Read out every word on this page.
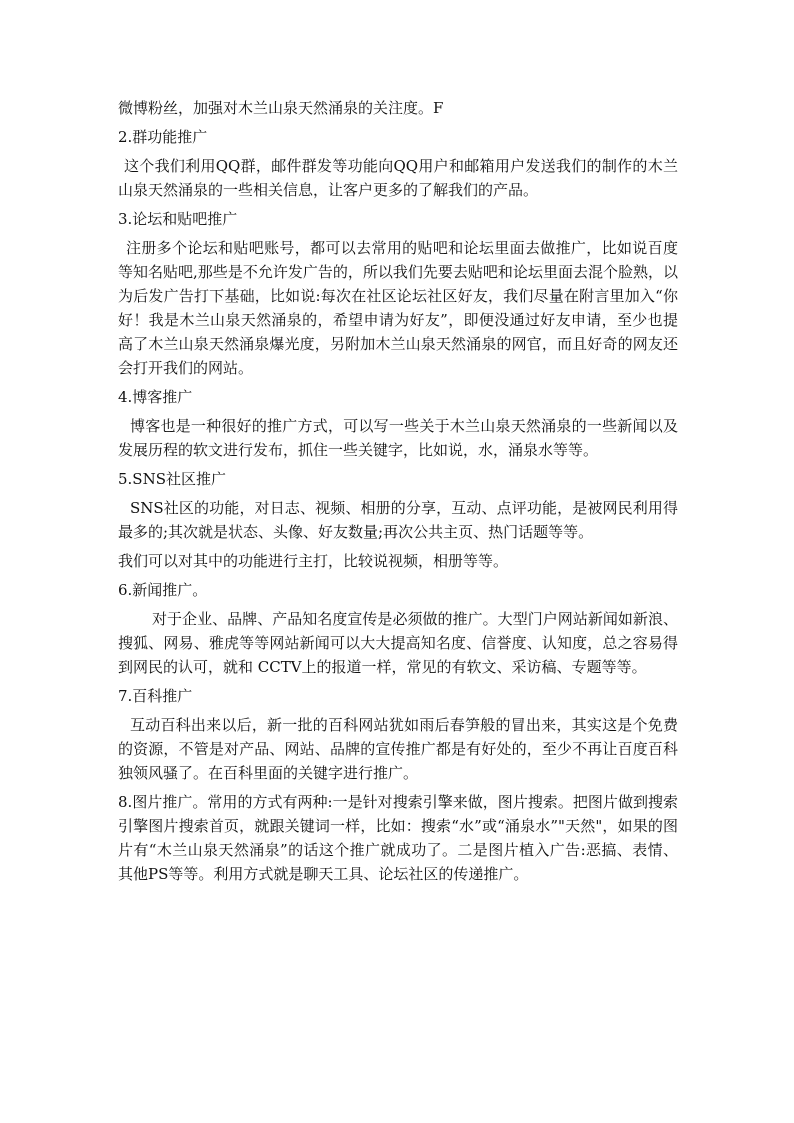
微博粉丝，加强对木兰山泉天然涌泉的关注度。F

2.群功能推广

这个我们利用QQ群，邮件群发等功能向QQ用户和邮箱用户发送我们的制作的木兰山泉天然涌泉的一些相关信息，让客户更多的了解我们的产品。

3.论坛和贴吧推广

注册多个论坛和贴吧账号，都可以去常用的贴吧和论坛里面去做推广，比如说百度等知名贴吧,那些是不允许发广告的，所以我们先要去贴吧和论坛里面去混个脸熟，以为后发广告打下基础，比如说:每次在社区论坛社区好友，我们尽量在附言里加入“你好！我是木兰山泉天然涌泉的，希望申请为好友”，即便没通过好友申请，至少也提高了木兰山泉天然涌泉爆光度，另附加木兰山泉天然涌泉的网官，而且好奇的网友还会打开我们的网站。

4.博客推广

博客也是一种很好的推广方式，可以写一些关于木兰山泉天然涌泉的一些新闻以及发展历程的软文进行发布，抓住一些关键字，比如说，水，涌泉水等等。

5.SNS社区推广

SNS社区的功能，对日志、视频、相册的分享，互动、点评功能，是被网民利用得最多的;其次就是状态、头像、好友数量;再次公共主页、热门话题等等。

我们可以对其中的功能进行主打，比较说视频，相册等等。

6.新闻推广。

对于企业、品牌、产品知名度宣传是必须做的推广。大型门户网站新闻如新浪、搜狐、网易、雅虎等等网站新闻可以大大提高知名度、信誉度、认知度，总之容易得到网民的认可，就和 CCTV上的报道一样，常见的有软文、采访稿、专题等等。

7.百科推广

互动百科出来以后，新一批的百科网站犹如雨后春笋般的冒出来，其实这是个免费的资源，不管是对产品、网站、品牌的宣传推广都是有好处的，至少不再让百度百科独领风骚了。在百科里面的关键字进行推广。

8.图片推广。常用的方式有两种:一是针对搜索引擎来做，图片搜索。把图片做到搜索引擎图片搜索首页，就跟关键词一样，比如：搜索“水”或“涌泉水”"天然"，如果的图片有“木兰山泉天然涌泉”的话这个推广就成功了。二是图片植入广告:恶搞、表情、其他PS等等。利用方式就是聊天工具、论坛社区的传递推广。
